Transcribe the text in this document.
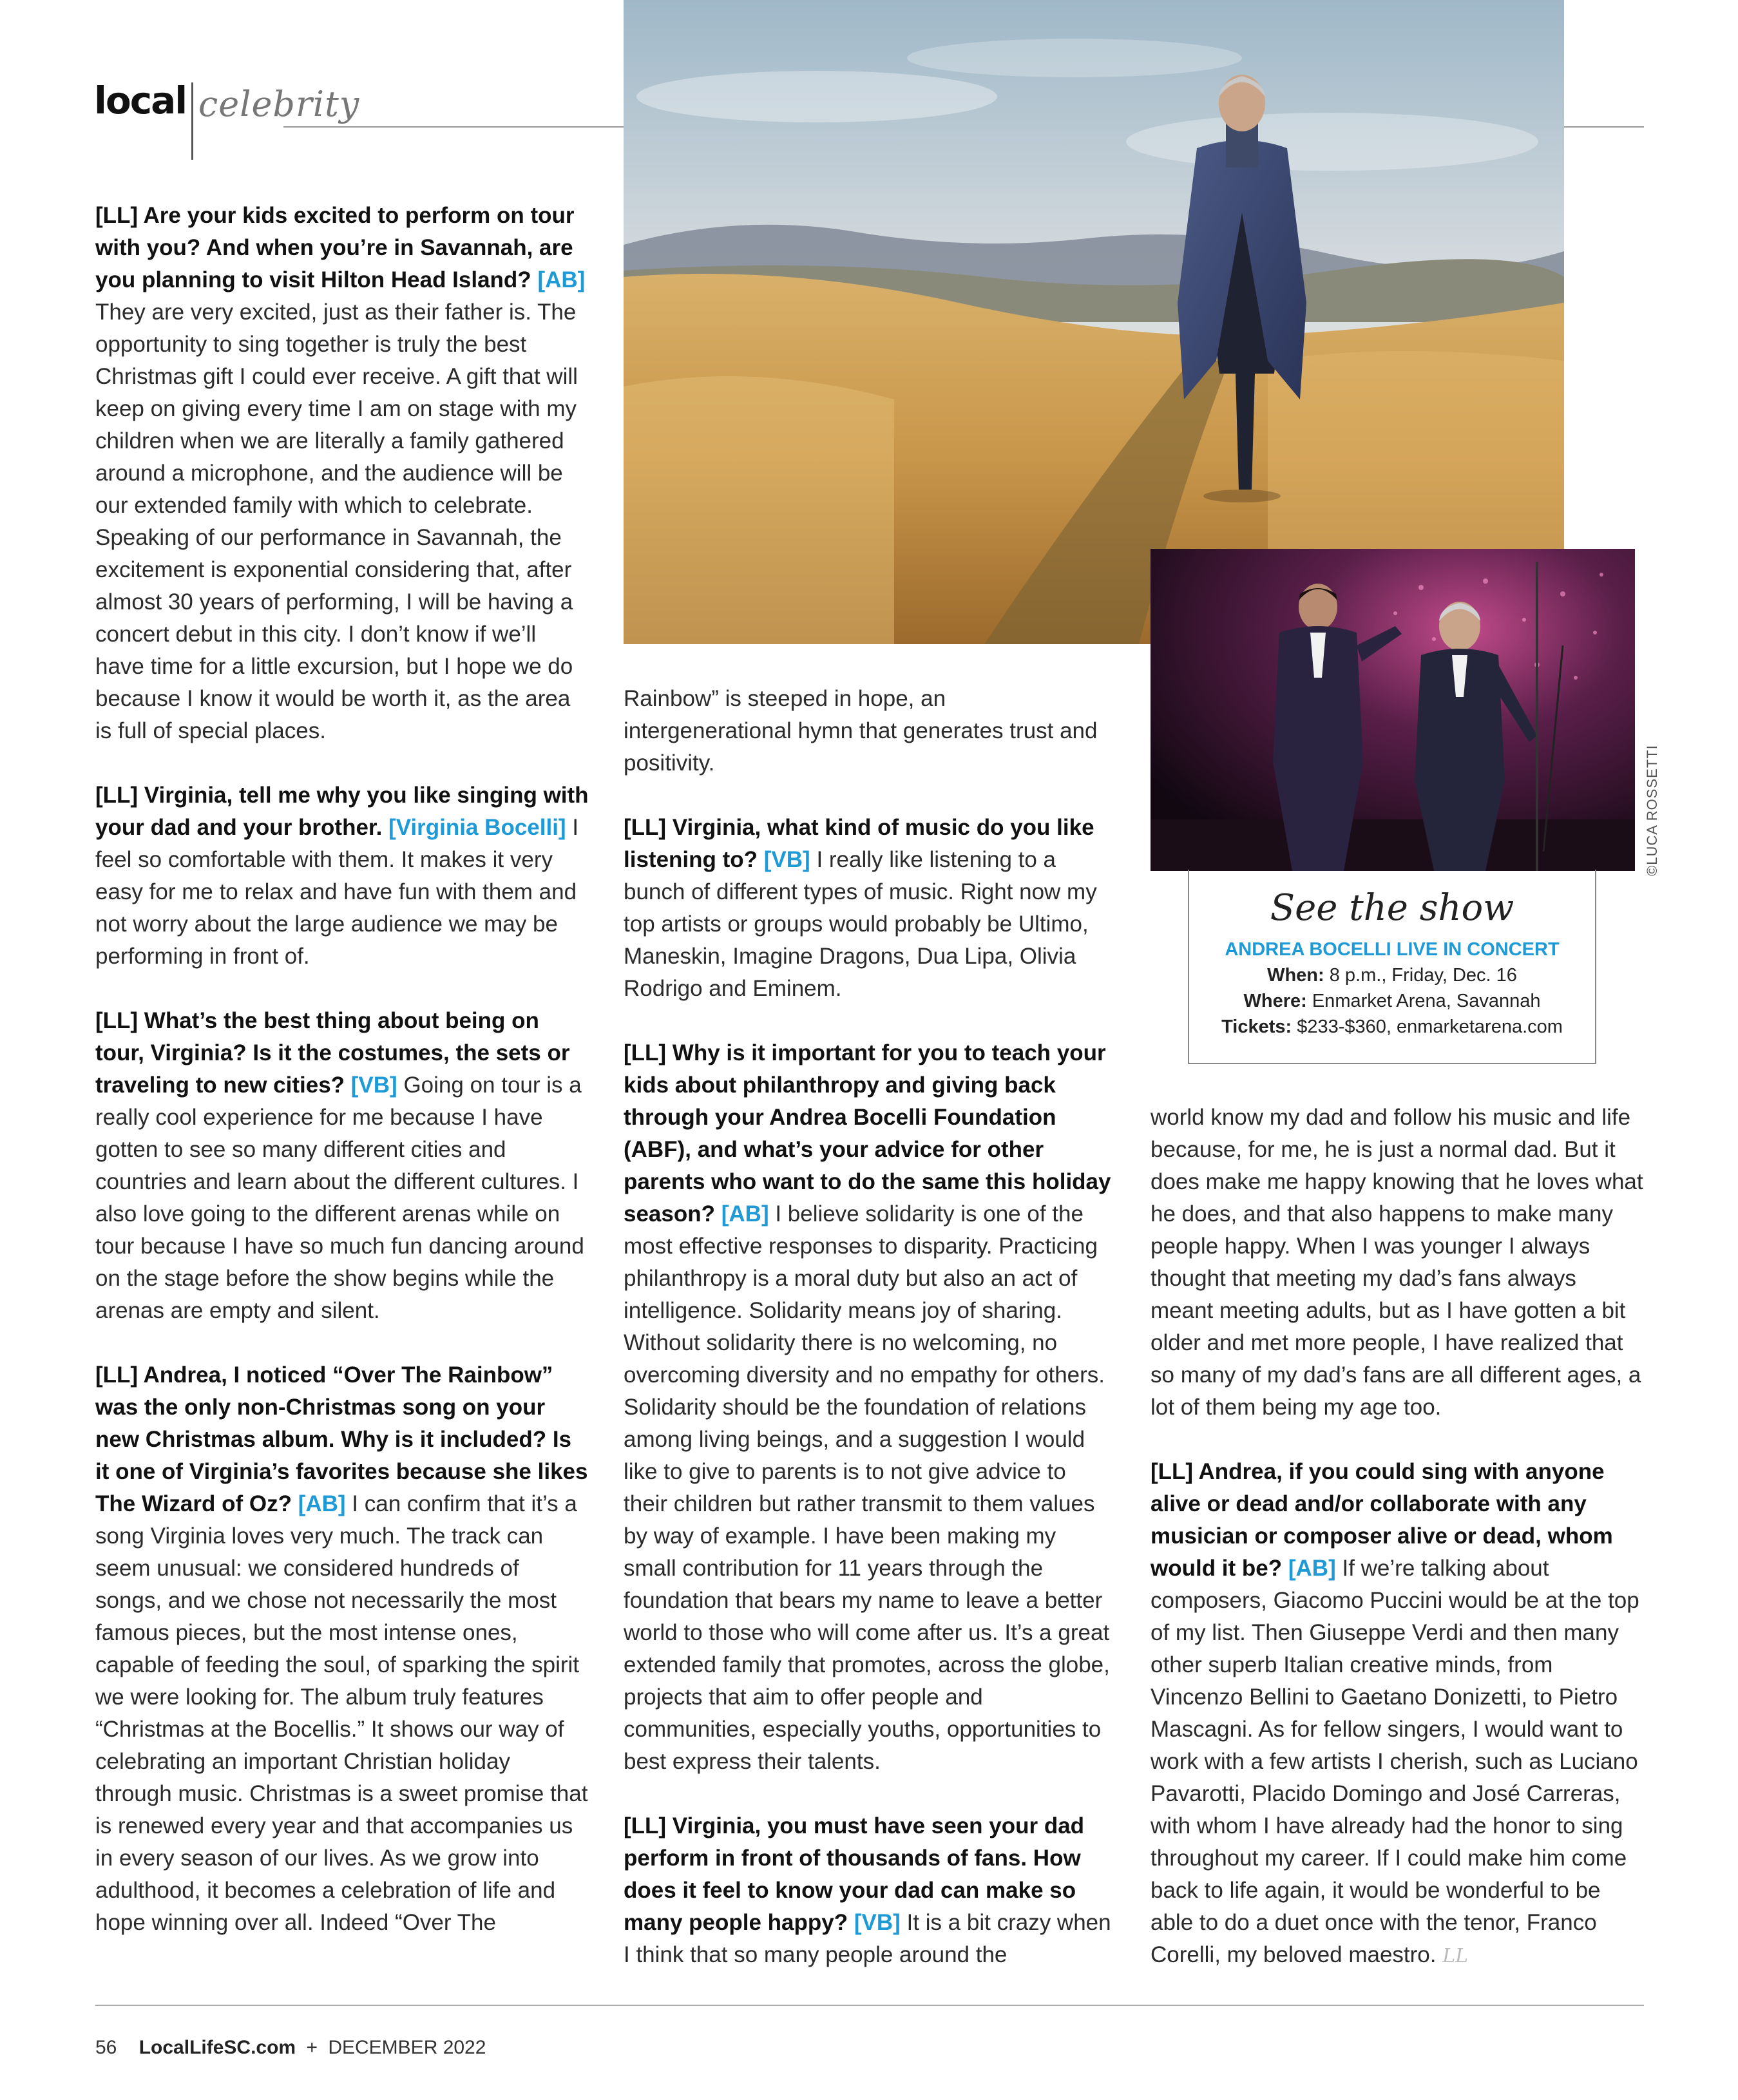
local celebrity

[LL] Are your kids excited to perform on tour with you? And when you’re in Savannah, are you planning to visit Hilton Head Island? [AB] They are very excited, just as their father is. The opportunity to sing together is truly the best Christmas gift I could ever receive. A gift that will keep on giving every time I am on stage with my children when we are literally a family gathered around a microphone, and the audience will be our extended family with which to celebrate. Speaking of our performance in Savannah, the excitement is exponential considering that, after almost 30 years of performing, I will be having a concert debut in this city. I don’t know if we’ll have time for a little excursion, but I hope we do because I know it would be worth it, as the area is full of special places.

[LL] Virginia, tell me why you like singing with your dad and your brother. [Virginia Bocelli] I feel so comfortable with them. It makes it very easy for me to relax and have fun with them and not worry about the large audience we may be performing in front of.

[LL] What’s the best thing about being on tour, Virginia? Is it the costumes, the sets or traveling to new cities? [VB] Going on tour is a really cool experience for me because I have gotten to see so many different cities and countries and learn about the different cultures. I also love going to the different arenas while on tour because I have so much fun dancing around on the stage before the show begins while the arenas are empty and silent.

[LL] Andrea, I noticed “Over The Rainbow” was the only non-Christmas song on your new Christmas album. Why is it included? Is it one of Virginia’s favorites because she likes The Wizard of Oz? [AB] I can confirm that it’s a song Virginia loves very much. The track can seem unusual: we considered hundreds of songs, and we chose not necessarily the most famous pieces, but the most intense ones, capable of feeding the soul, of sparking the spirit we were looking for. The album truly features “Christmas at the Bocellis.” It shows our way of celebrating an important Christian holiday through music. Christmas is a sweet promise that is renewed every year and that accompanies us in every season of our lives. As we grow into adulthood, it becomes a celebration of life and hope winning over all. Indeed “Over The

Rainbow” is steeped in hope, an intergenerational hymn that generates trust and positivity.

[LL] Virginia, what kind of music do you like listening to? [VB] I really like listening to a bunch of different types of music. Right now my top artists or groups would probably be Ultimo, Maneskin, Imagine Dragons, Dua Lipa, Olivia Rodrigo and Eminem.

[LL] Why is it important for you to teach your kids about philanthropy and giving back through your Andrea Bocelli Foundation (ABF), and what’s your advice for other parents who want to do the same this holiday season? [AB] I believe solidarity is one of the most effective responses to disparity. Practicing philanthropy is a moral duty but also an act of intelligence. Solidarity means joy of sharing. Without solidarity there is no welcoming, no overcoming diversity and no empathy for others. Solidarity should be the foundation of relations among living beings, and a suggestion I would like to give to parents is to not give advice to their children but rather transmit to them values by way of example. I have been making my small contribution for 11 years through the foundation that bears my name to leave a better world to those who will come after us. It’s a great extended family that promotes, across the globe, projects that aim to offer people and communities, especially youths, opportunities to best express their talents.

[LL] Virginia, you must have seen your dad perform in front of thousands of fans. How does it feel to know your dad can make so many people happy? [VB] It is a bit crazy when I think that so many people around the

©LUCA ROSSETTI
See the show
ANDREA BOCELLI LIVE IN CONCERT
When: 8 p.m., Friday, Dec. 16
Where: Enmarket Arena, Savannah
Tickets: $233-$360, enmarketarena.com

world know my dad and follow his music and life because, for me, he is just a normal dad. But it does make me happy knowing that he loves what he does, and that also happens to make many people happy. When I was younger I always thought that meeting my dad’s fans always meant meeting adults, but as I have gotten a bit older and met more people, I have realized that so many of my dad’s fans are all different ages, a lot of them being my age too.

[LL] Andrea, if you could sing with anyone alive or dead and/or collaborate with any musician or composer alive or dead, whom would it be? [AB] If we’re talking about composers, Giacomo Puccini would be at the top of my list. Then Giuseppe Verdi and then many other superb Italian creative minds, from Vincenzo Bellini to Gaetano Donizetti, to Pietro Mascagni. As for fellow singers, I would want to work with a few artists I cherish, such as Luciano Pavarotti, Placido Domingo and José Carreras, with whom I have already had the honor to sing throughout my career. If I could make him come back to life again, it would be wonderful to be able to do a duet once with the tenor, Franco Corelli, my beloved maestro. LL

56 LocalLifeSC.com + DECEMBER 2022
